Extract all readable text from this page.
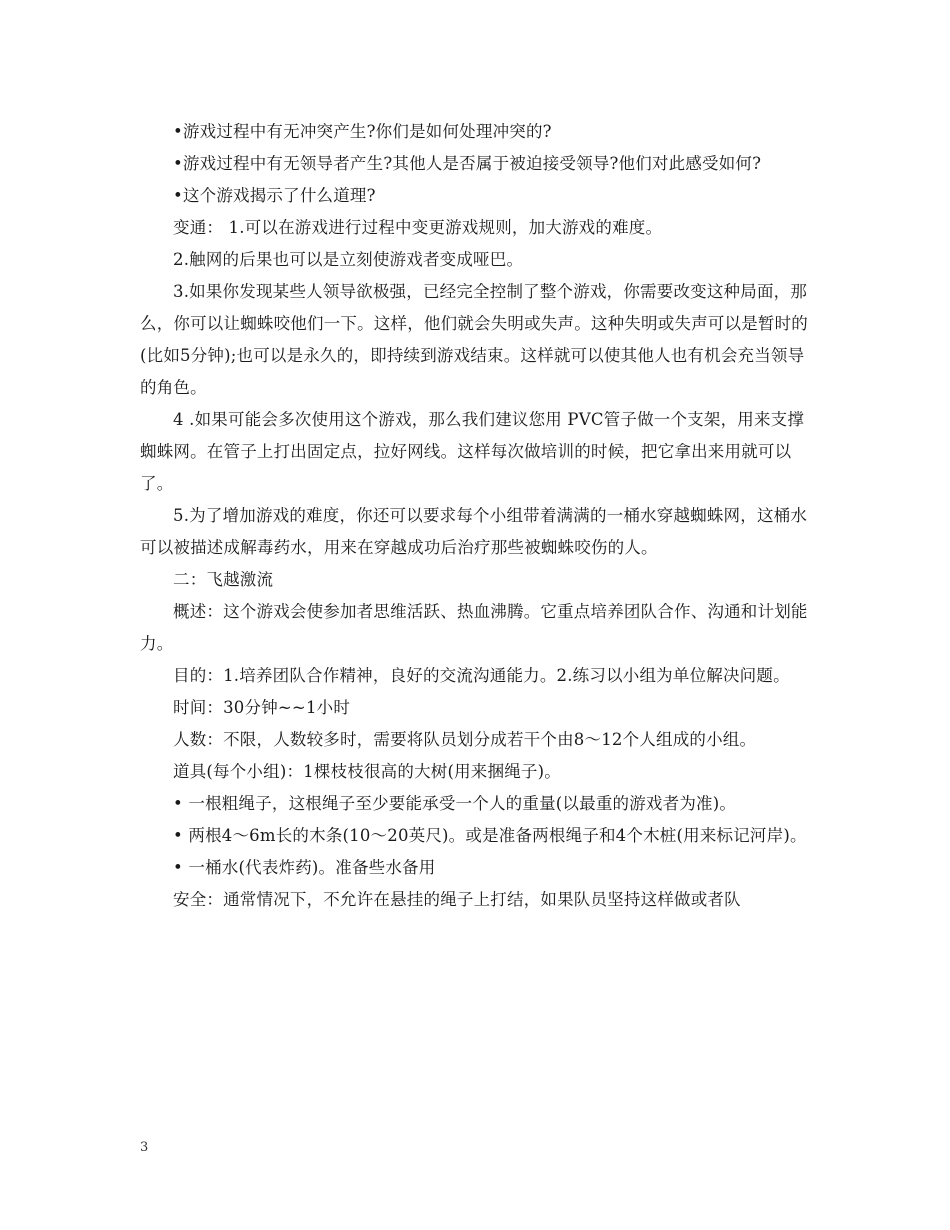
•游戏过程中有无冲突产生?你们是如何处理冲突的?

•游戏过程中有无领导者产生?其他人是否属于被迫接受领导?他们对此感受如何?

•这个游戏揭示了什么道理?

变通： 1.可以在游戏进行过程中变更游戏规则，加大游戏的难度。

2.触网的后果也可以是立刻使游戏者变成哑巴。

3.如果你发现某些人领导欲极强，已经完全控制了整个游戏，你需要改变这种局面，那么，你可以让蜘蛛咬他们一下。这样，他们就会失明或失声。这种失明或失声可以是暂时的(比如5分钟);也可以是永久的，即持续到游戏结束。这样就可以使其他人也有机会充当领导的角色。

4 .如果可能会多次使用这个游戏，那么我们建议您用 PVC管子做一个支架，用来支撑蜘蛛网。在管子上打出固定点，拉好网线。这样每次做培训的时候，把它拿出来用就可以了。

5.为了增加游戏的难度，你还可以要求每个小组带着满满的一桶水穿越蜘蛛网，这桶水可以被描述成解毒药水，用来在穿越成功后治疗那些被蜘蛛咬伤的人。

二：飞越激流

概述：这个游戏会使参加者思维活跃、热血沸腾。它重点培养团队合作、沟通和计划能力。

目的：1.培养团队合作精神，良好的交流沟通能力。2.练习以小组为单位解决问题。

时间：30分钟~~1小时

人数：不限，人数较多时，需要将队员划分成若干个由8～12个人组成的小组。

道具(每个小组)：1棵枝枝很高的大树(用来捆绳子)。

• 一根粗绳子，这根绳子至少要能承受一个人的重量(以最重的游戏者为准)。

• 两根4～6m长的木条(10～20英尺)。或是准备两根绳子和4个木桩(用来标记河岸)。

• 一桶水(代表炸药)。准备些水备用

安全：通常情况下，不允许在悬挂的绳子上打结，如果队员坚持这样做或者队

3
